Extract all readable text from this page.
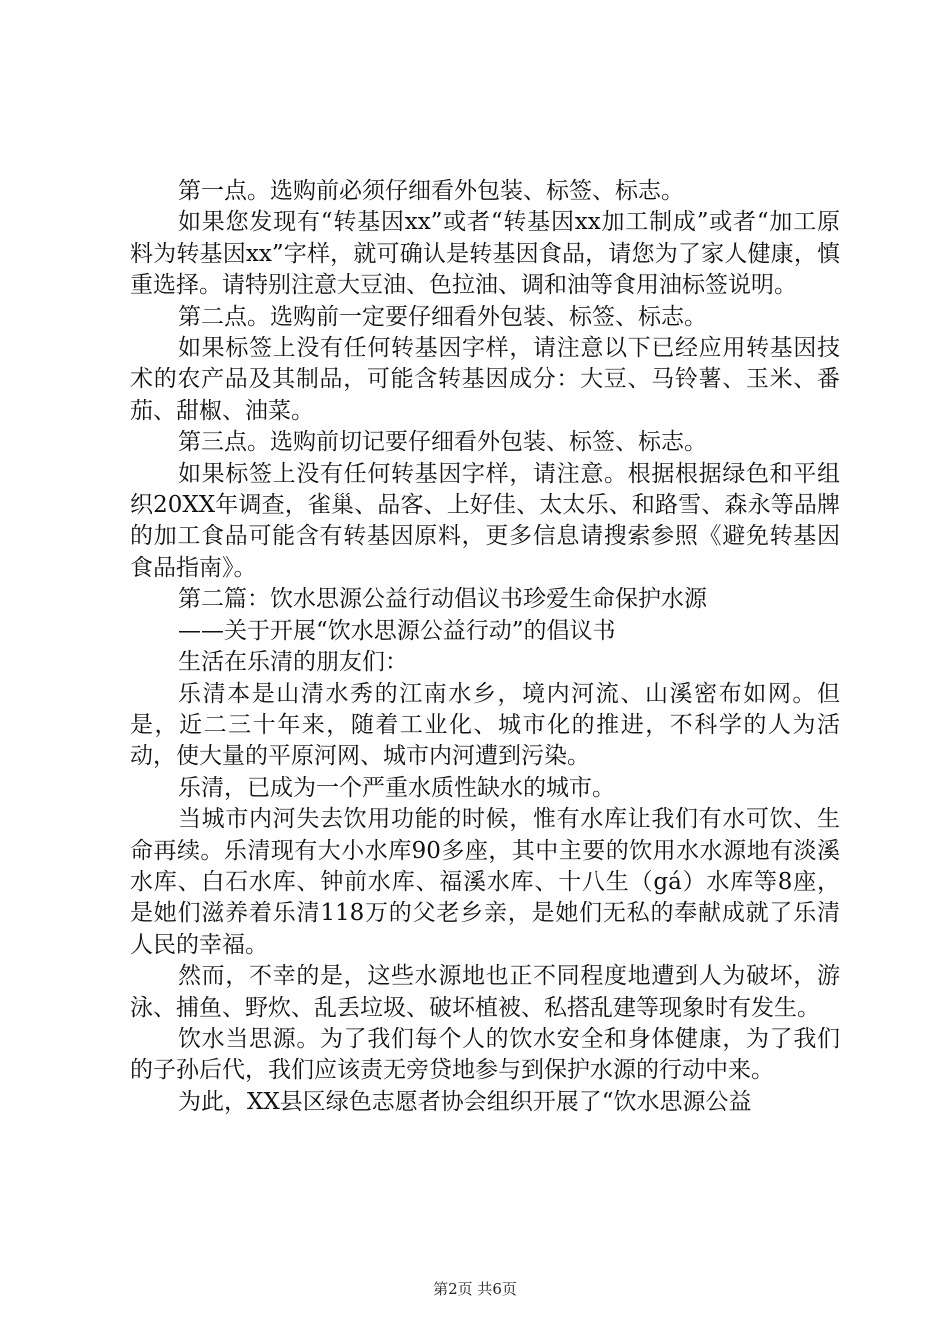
第一点。选购前必须仔细看外包装、标签、标志。

如果您发现有“转基因xx”或者“转基因xx加工制成”或者“加工原料为转基因xx”字样，就可确认是转基因食品，请您为了家人健康，慎重选择。请特别注意大豆油、色拉油、调和油等食用油标签说明。

第二点。选购前一定要仔细看外包装、标签、标志。

如果标签上没有任何转基因字样，请注意以下已经应用转基因技术的农产品及其制品，可能含转基因成分：大豆、马铃薯、玉米、番茄、甜椒、油菜。

第三点。选购前切记要仔细看外包装、标签、标志。

如果标签上没有任何转基因字样，请注意。根据根据绿色和平组织20XX年调查，雀巢、品客、上好佳、太太乐、和路雪、森永等品牌的加工食品可能含有转基因原料，更多信息请搜索参照《避免转基因食品指南》。

第二篇：饮水思源公益行动倡议书珍爱生命保护水源

——关于开展“饮水思源公益行动”的倡议书

生活在乐清的朋友们：

乐清本是山清水秀的江南水乡，境内河流、山溪密布如网。但是，近二三十年来，随着工业化、城市化的推进，不科学的人为活动，使大量的平原河网、城市内河遭到污染。

乐清，已成为一个严重水质性缺水的城市。

当城市内河失去饮用功能的时候，惟有水库让我们有水可饮、生命再续。乐清现有大小水库90多座，其中主要的饮用水水源地有淡溪水库、白石水库、钟前水库、福溪水库、十八生（gá）水库等8座，是她们滋养着乐清118万的父老乡亲，是她们无私的奉献成就了乐清人民的幸福。

然而，不幸的是，这些水源地也正不同程度地遭到人为破坏，游泳、捕鱼、野炊、乱丢垃圾、破坏植被、私搭乱建等现象时有发生。

饮水当思源。为了我们每个人的饮水安全和身体健康，为了我们的子孙后代，我们应该责无旁贷地参与到保护水源的行动中来。

为此，XX县区绿色志愿者协会组织开展了“饮水思源公益

第2页 共6页
